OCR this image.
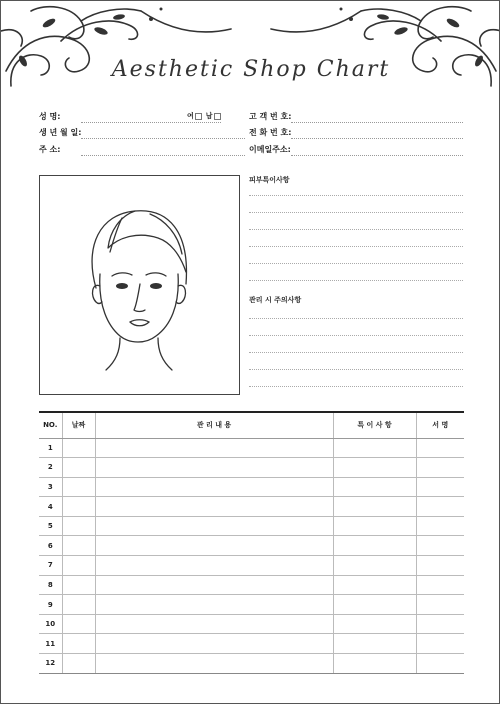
Aesthetic Shop Chart
성 명:	여 남
생 년 월 일:
주 소:
고 객 번 호:
전 화 번 호:
이메일주소:
피부특이사항
관리 시 주의사항
NO.	날짜	관 리 내 용	특 이 사 항	서 명
1				
2				
3				
4				
5				
6				
7				
8				
9				
10				
11				
12				
